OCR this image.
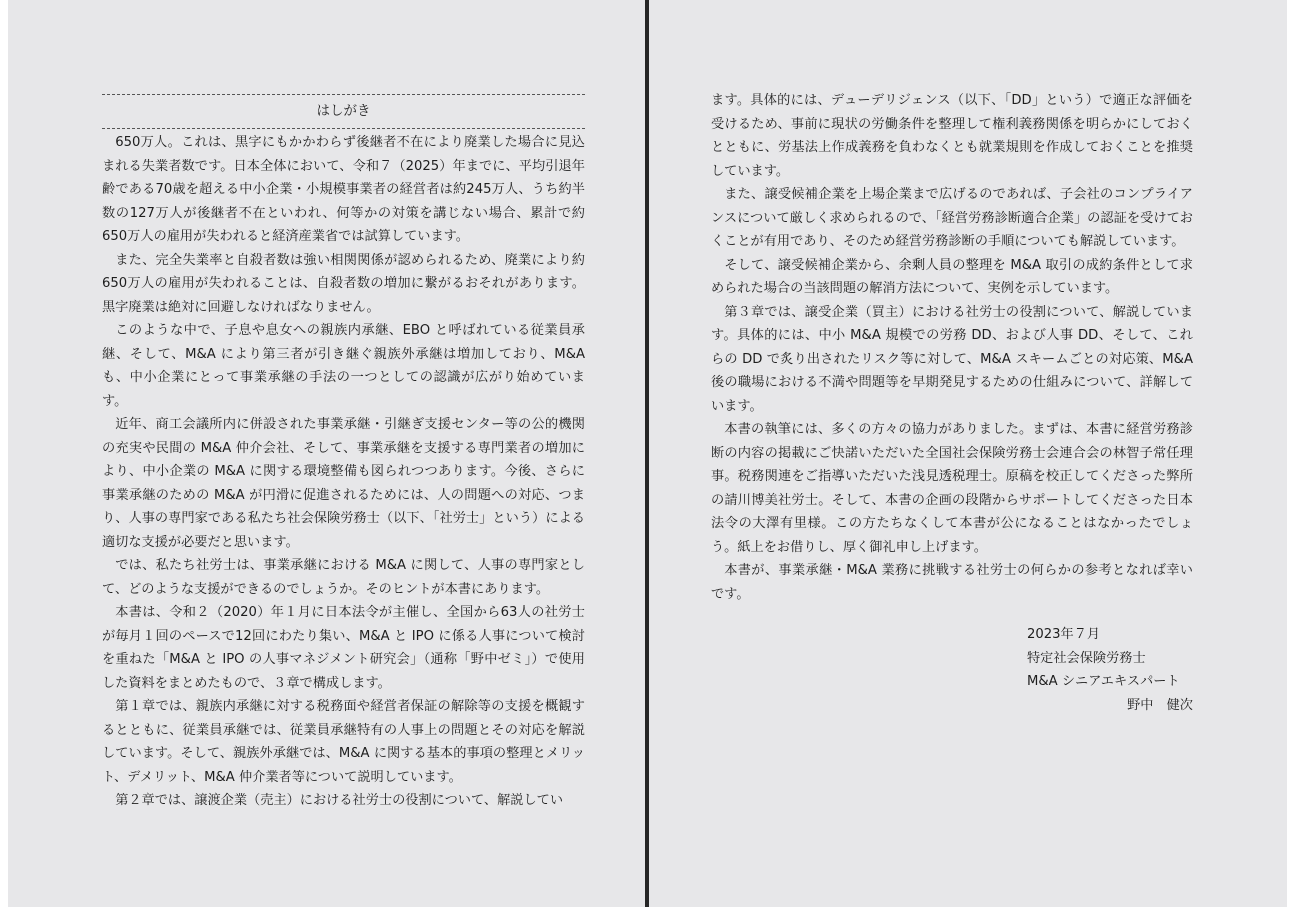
はしがき

650万人。これは、黒字にもかかわらず後継者不在により廃業した場合に見込まれる失業者数です。日本全体において、令和７（2025）年までに、平均引退年齢である70歳を超える中小企業・小規模事業者の経営者は約245万人、うち約半数の127万人が後継者不在といわれ、何等かの対策を講じない場合、累計で約650万人の雇用が失われると経済産業省では試算しています。

また、完全失業率と自殺者数は強い相関関係が認められるため、廃業により約650万人の雇用が失われることは、自殺者数の増加に繋がるおそれがあります。黒字廃業は絶対に回避しなければなりません。

このような中で、子息や息女への親族内承継、EBO と呼ばれている従業員承継、そして、M&A により第三者が引き継ぐ親族外承継は増加しており、M&A も、中小企業にとって事業承継の手法の一つとしての認識が広がり始めています。

近年、商工会議所内に併設された事業承継・引継ぎ支援センター等の公的機関の充実や民間の M&A 仲介会社、そして、事業承継を支援する専門業者の増加により、中小企業の M&A に関する環境整備も図られつつあります。今後、さらに事業承継のための M&A が円滑に促進されるためには、人の問題への対応、つまり、人事の専門家である私たち社会保険労務士（以下、「社労士」という）による適切な支援が必要だと思います。

では、私たち社労士は、事業承継における M&A に関して、人事の専門家として、どのような支援ができるのでしょうか。そのヒントが本書にあります。

本書は、令和２（2020）年１月に日本法令が主催し、全国から63人の社労士が毎月１回のペースで12回にわたり集い、M&A と IPO に係る人事について検討を重ねた「M&A と IPO の人事マネジメント研究会」（通称「野中ゼミ」）で使用した資料をまとめたもので、３章で構成します。

第１章では、親族内承継に対する税務面や経営者保証の解除等の支援を概観するとともに、従業員承継では、従業員承継特有の人事上の問題とその対応を解説しています。そして、親族外承継では、M&A に関する基本的事項の整理とメリット、デメリット、M&A 仲介業者等について説明しています。

第２章では、譲渡企業（売主）における社労士の役割について、解説してい

ます。具体的には、デューデリジェンス（以下、「DD」という）で適正な評価を受けるため、事前に現状の労働条件を整理して権利義務関係を明らかにしておくとともに、労基法上作成義務を負わなくとも就業規則を作成しておくことを推奨しています。

また、譲受候補企業を上場企業まで広げるのであれば、子会社のコンプライアンスについて厳しく求められるので、「経営労務診断適合企業」の認証を受けておくことが有用であり、そのため経営労務診断の手順についても解説しています。

そして、譲受候補企業から、余剰人員の整理を M&A 取引の成約条件として求められた場合の当該問題の解消方法について、実例を示しています。

第３章では、譲受企業（買主）における社労士の役割について、解説しています。具体的には、中小 M&A 規模での労務 DD、および人事 DD、そして、これらの DD で炙り出されたリスク等に対して、M&A スキームごとの対応策、M&A 後の職場における不満や問題等を早期発見するための仕組みについて、詳解しています。

本書の執筆には、多くの方々の協力がありました。まずは、本書に経営労務診断の内容の掲載にご快諾いただいた全国社会保険労務士会連合会の林智子常任理事。税務関連をご指導いただいた浅見透税理士。原稿を校正してくださった弊所の請川博美社労士。そして、本書の企画の段階からサポートしてくださった日本法令の大澤有里様。この方たちなくして本書が公になることはなかったでしょう。紙上をお借りし、厚く御礼申し上げます。

本書が、事業承継・M&A 業務に挑戦する社労士の何らかの参考となれば幸いです。

2023年７月
特定社会保険労務士
M&A シニアエキスパート
野中　健次
